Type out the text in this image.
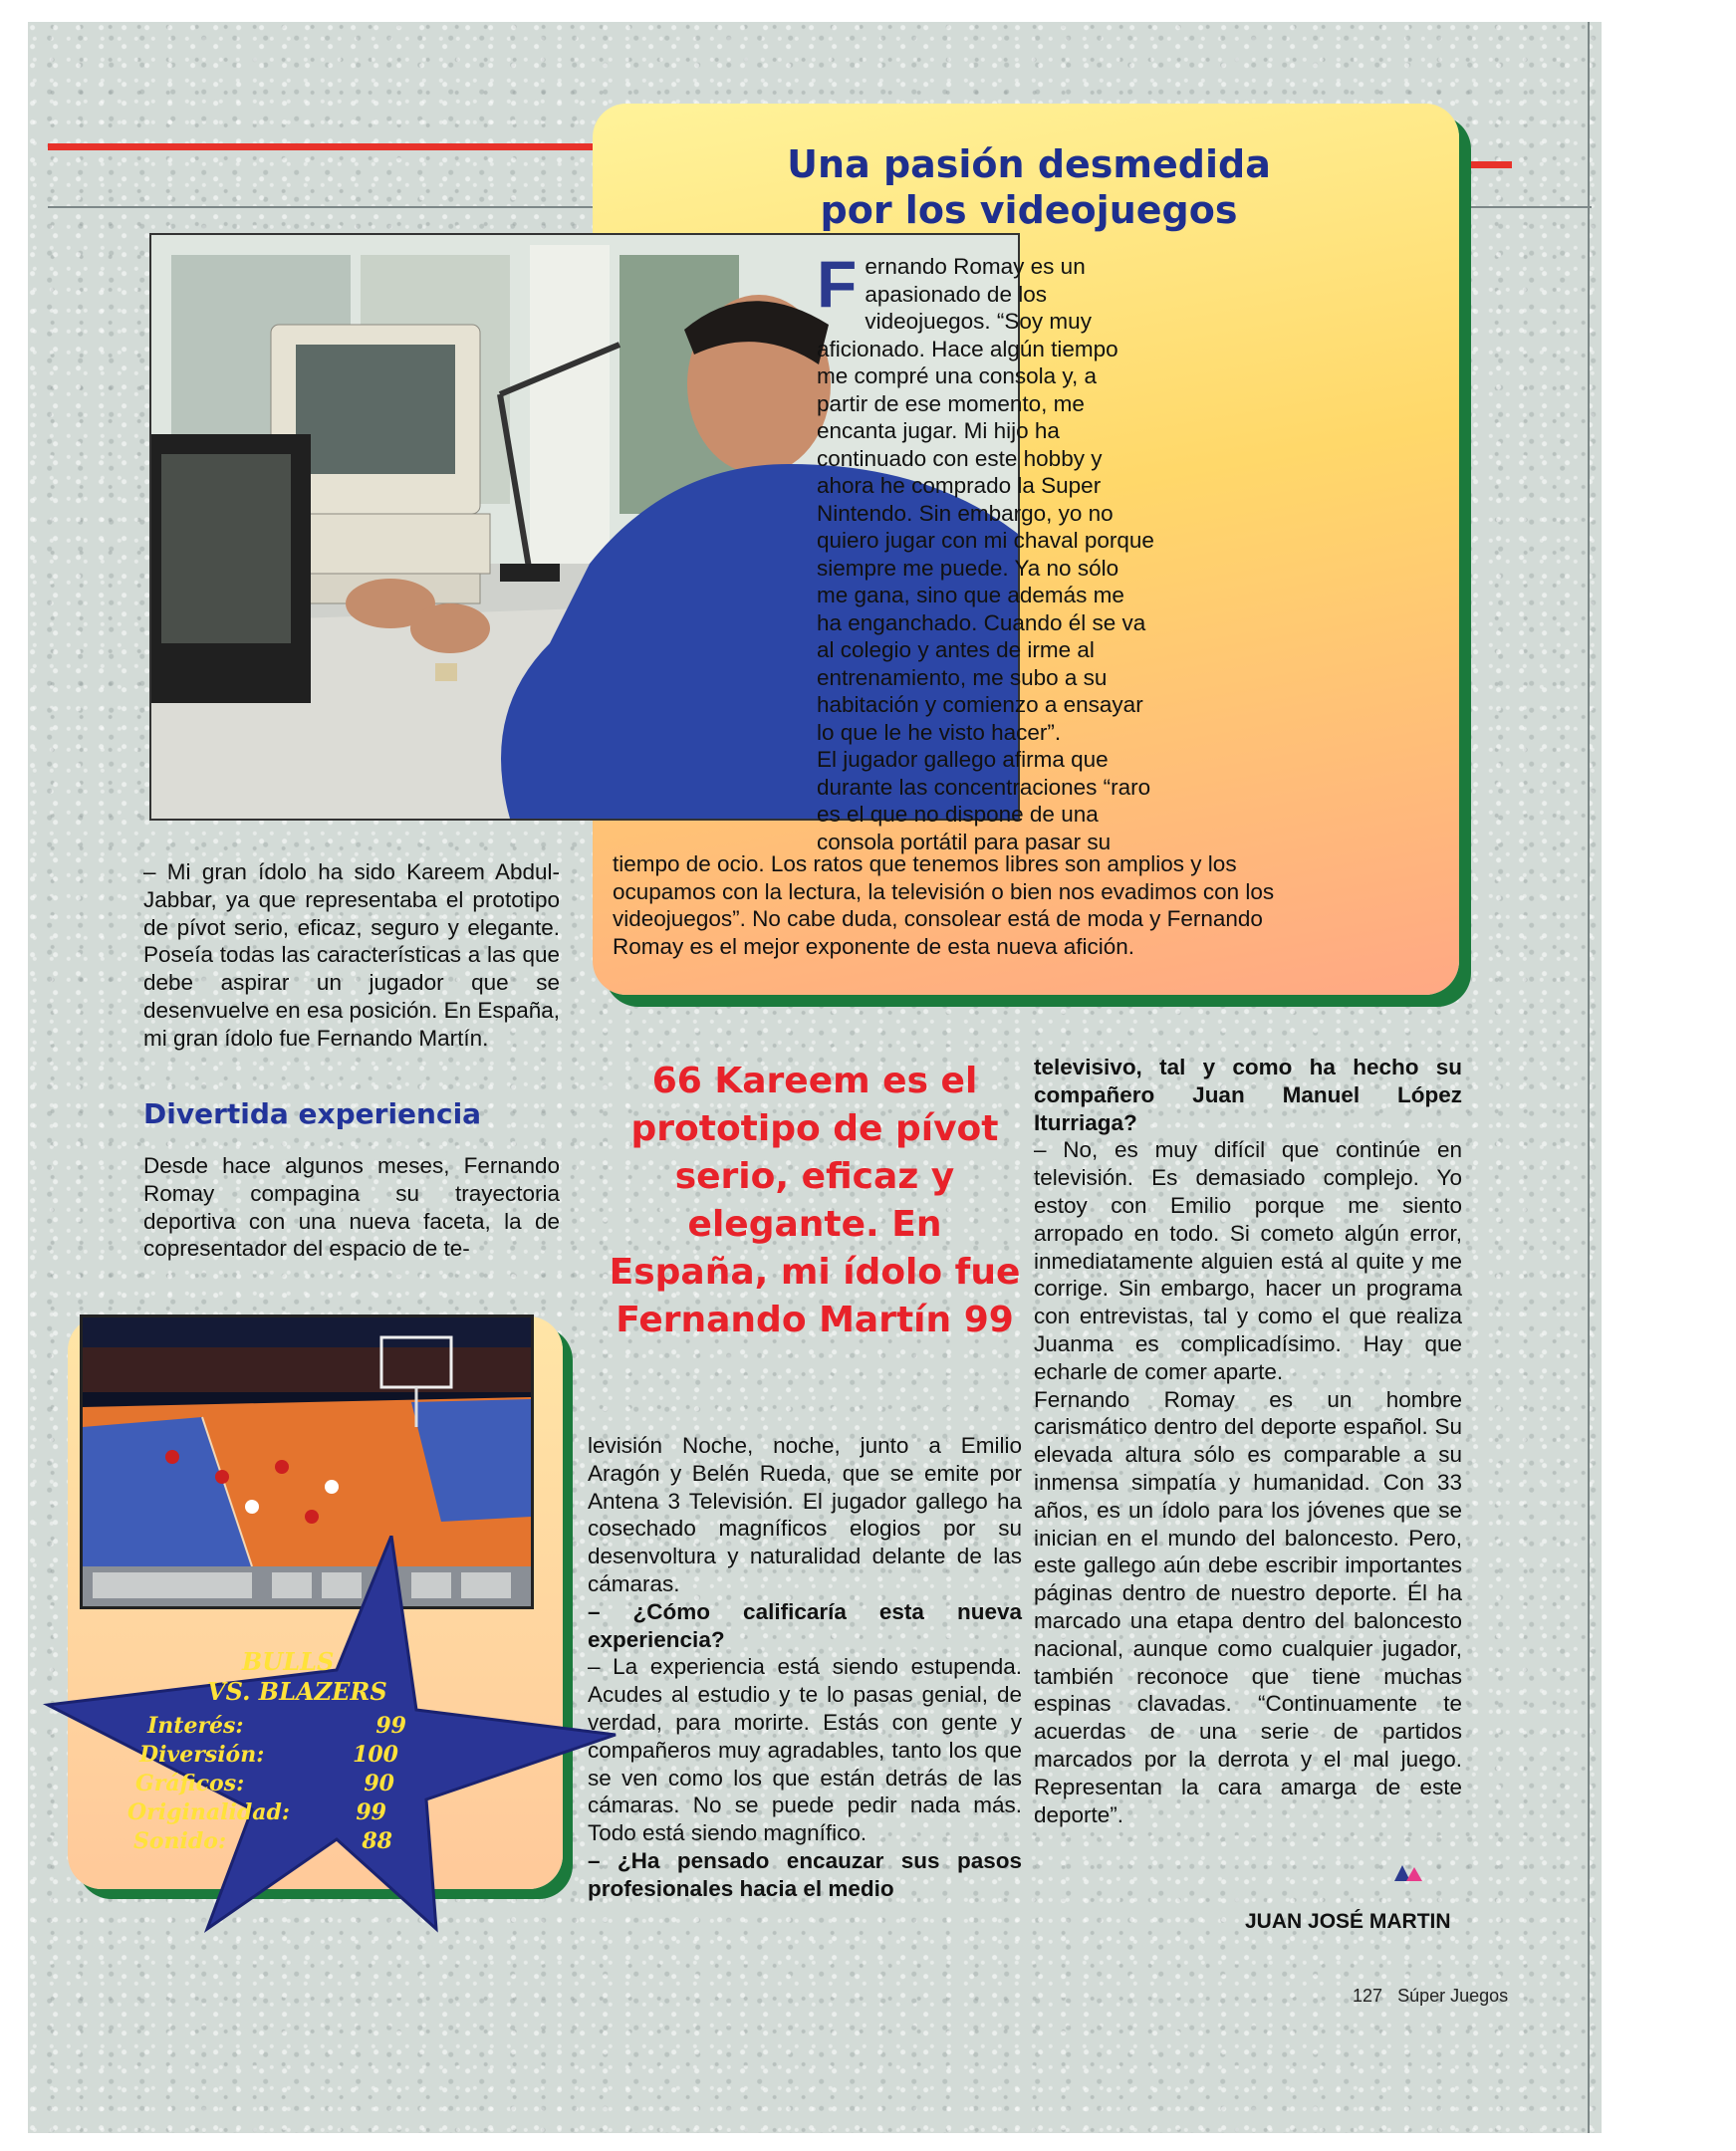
Una pasión desmedida
por los videojuegos
F ernando Romay es un
apasionado de los
videojuegos. “Soy muy
aficionado. Hace algún tiempo
me compré una consola y, a
partir de ese momento, me
encanta jugar. Mi hijo ha
continuado con este hobby y
ahora he comprado la Super
Nintendo. Sin embargo, yo no
quiero jugar con mi chaval porque
siempre me puede. Ya no sólo
me gana, sino que además me
ha enganchado. Cuando él se va
al colegio y antes de irme al
entrenamiento, me subo a su
habitación y comienzo a ensayar
lo que le he visto hacer”.
El jugador gallego afirma que
durante las concentraciones “raro
es el que no dispone de una
consola portátil para pasar su
tiempo de ocio. Los ratos que tenemos libres son amplios y los
ocupamos con la lectura, la televisión o bien nos evadimos con los
videojuegos”. No cabe duda, consolear está de moda y Fernando
Romay es el mejor exponente de esta nueva afición.

– Mi gran ídolo ha sido Kareem Abdul-Jabbar, ya que representaba el prototipo de pívot serio, eficaz, seguro y elegante. Poseía todas las características a las que debe aspirar un jugador que se desenvuelve en esa posición. En España, mi gran ídolo fue Fernando Martín.

Divertida experiencia

Desde hace algunos meses, Fernando Romay compagina su trayectoria deportiva con una nueva faceta, la de copresentador del espacio de te-

66 Kareem es el prototipo de pívot serio, eficaz y elegante. En España, mi ídolo fue Fernando Martín 99

levisión Noche, noche, junto a Emilio Aragón y Belén Rueda, que se emite por Antena 3 Televisión. El jugador gallego ha cosechado magníficos elogios por su desenvoltura y naturalidad delante de las cámaras.

– ¿Cómo calificaría esta nueva experiencia?

– La experiencia está siendo estupenda. Acudes al estudio y te lo pasas genial, de verdad, para morirte. Estás con gente y compañeros muy agradables, tanto los que se ven como los que están detrás de las cámaras. No se puede pedir nada más. Todo está siendo magnífico.

– ¿Ha pensado encauzar sus pasos profesionales hacia el medio

televisivo, tal y como ha hecho su compañero Juan Manuel López Iturriaga?

– No, es muy difícil que continúe en televisión. Es demasiado complejo. Yo estoy con Emilio porque me siento arropado en todo. Si cometo algún error, inmediatamente alguien está al quite y me corrige. Sin embargo, hacer un programa con entrevistas, tal y como el que realiza Juanma es complicadísimo. Hay que echarle de comer aparte.

Fernando Romay es un hombre carismático dentro del deporte español. Su elevada altura sólo es comparable a su inmensa simpatía y humanidad. Con 33 años, es un ídolo para los jóvenes que se inician en el mundo del baloncesto. Pero, este gallego aún debe escribir importantes páginas dentro de nuestro deporte. Él ha marcado una etapa dentro del baloncesto nacional, aunque como cualquier jugador, también reconoce que tiene muchas espinas clavadas. “Continuamente te acuerdas de una serie de partidos marcados por la derrota y el mal juego. Representan la cara amarga de este deporte”.

BULLS
VS. BLAZERS
Interés:	99
Diversión:	100
Gráficos:	90
Originalidad:	99
Sonido:	88
JUAN JOSÉ MARTIN
127 Súper Juegos
